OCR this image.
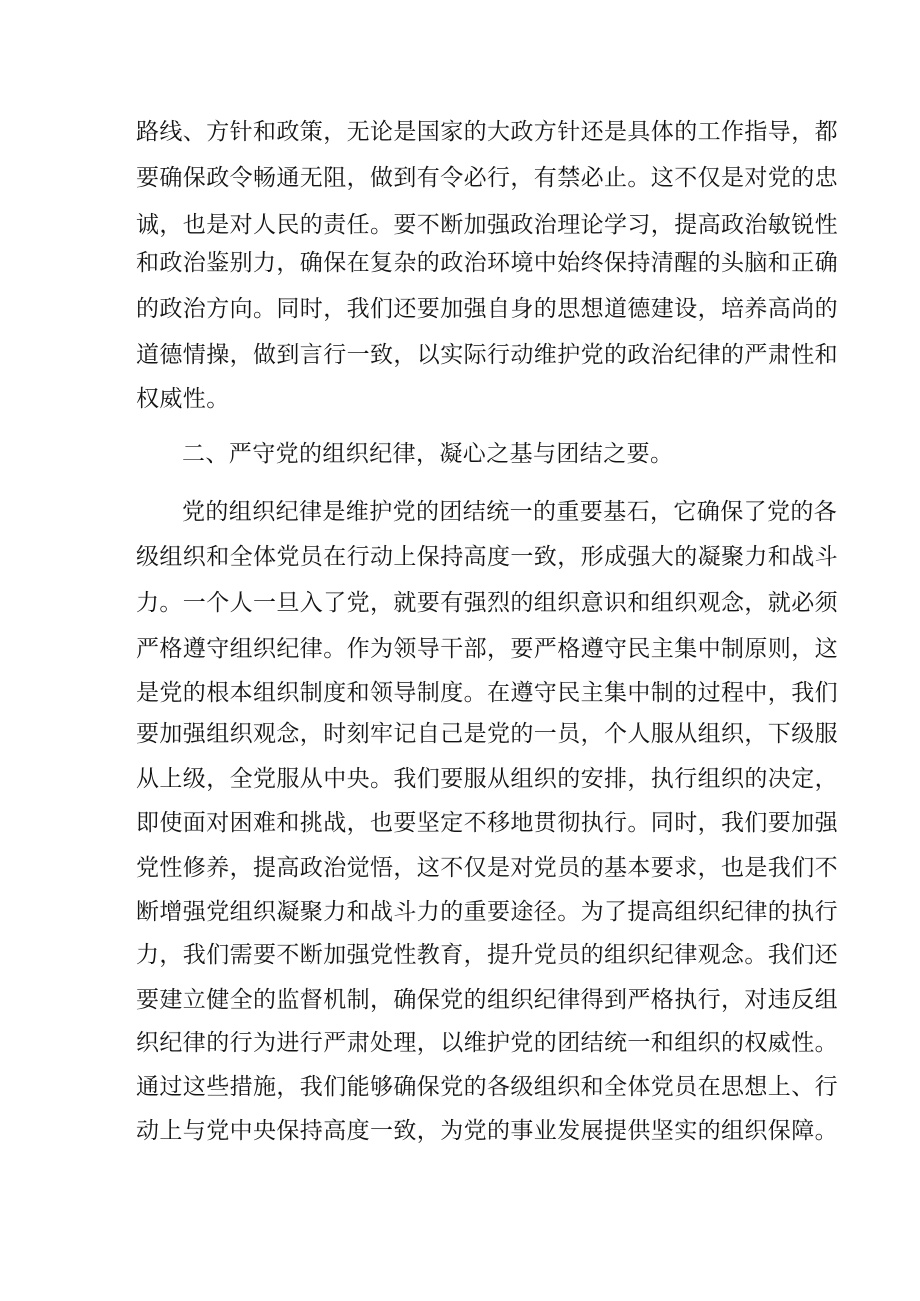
路线、方针和政策，无论是国家的大政方针还是具体的工作指导，都
要确保政令畅通无阻，做到有令必行，有禁必止。这不仅是对党的忠
诚，也是对人民的责任。要不断加强政治理论学习，提高政治敏锐性
和政治鉴别力，确保在复杂的政治环境中始终保持清醒的头脑和正确
的政治方向。同时，我们还要加强自身的思想道德建设，培养高尚的
道德情操，做到言行一致，以实际行动维护党的政治纪律的严肃性和
权威性。
二、严守党的组织纪律，凝心之基与团结之要。
党的组织纪律是维护党的团结统一的重要基石，它确保了党的各
级组织和全体党员在行动上保持高度一致，形成强大的凝聚力和战斗
力。一个人一旦入了党，就要有强烈的组织意识和组织观念，就必须
严格遵守组织纪律。作为领导干部，要严格遵守民主集中制原则，这
是党的根本组织制度和领导制度。在遵守民主集中制的过程中，我们
要加强组织观念，时刻牢记自己是党的一员，个人服从组织，下级服
从上级，全党服从中央。我们要服从组织的安排，执行组织的决定，
即使面对困难和挑战，也要坚定不移地贯彻执行。同时，我们要加强
党性修养，提高政治觉悟，这不仅是对党员的基本要求，也是我们不
断增强党组织凝聚力和战斗力的重要途径。为了提高组织纪律的执行
力，我们需要不断加强党性教育，提升党员的组织纪律观念。我们还
要建立健全的监督机制，确保党的组织纪律得到严格执行，对违反组
织纪律的行为进行严肃处理，以维护党的团结统一和组织的权威性。
通过这些措施，我们能够确保党的各级组织和全体党员在思想上、行
动上与党中央保持高度一致，为党的事业发展提供坚实的组织保障。
